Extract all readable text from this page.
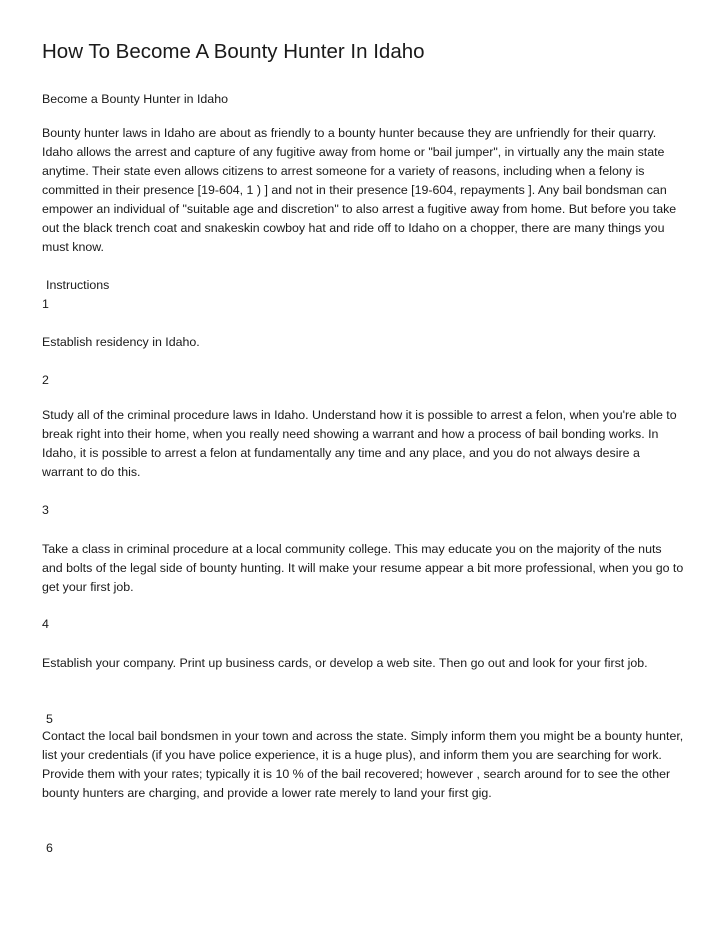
How To Become A Bounty Hunter In Idaho

Become a Bounty Hunter in Idaho

Bounty hunter laws in Idaho are about as friendly to a bounty hunter because they are unfriendly for their quarry. Idaho allows the arrest and capture of any fugitive away from home or "bail jumper", in virtually any the main state anytime. Their state even allows citizens to arrest someone for a variety of reasons, including when a felony is committed in their presence [19-604, 1 ) ] and not in their presence [19-604, repayments ]. Any bail bondsman can empower an individual of "suitable age and discretion" to also arrest a fugitive away from home. But before you take out the black trench coat and snakeskin cowboy hat and ride off to Idaho on a chopper, there are many things you must know.

Instructions

1

Establish residency in Idaho.

2

Study all of the criminal procedure laws in Idaho. Understand how it is possible to arrest a felon, when you're able to break right into their home, when you really need showing a warrant and how a process of bail bonding works. In Idaho, it is possible to arrest a felon at fundamentally any time and any place, and you do not always desire a warrant to do this.

3

Take a class in criminal procedure at a local community college. This may educate you on the majority of the nuts and bolts of the legal side of bounty hunting. It will make your resume appear a bit more professional, when you go to get your first job.

4

Establish your company. Print up business cards, or develop a web site. Then go out and look for your first job.

5

Contact the local bail bondsmen in your town and across the state. Simply inform them you might be a bounty hunter, list your credentials (if you have police experience, it is a huge plus), and inform them you are searching for work. Provide them with your rates; typically it is 10 % of the bail recovered; however , search around for to see the other bounty hunters are charging, and provide a lower rate merely to land your first gig.

6
